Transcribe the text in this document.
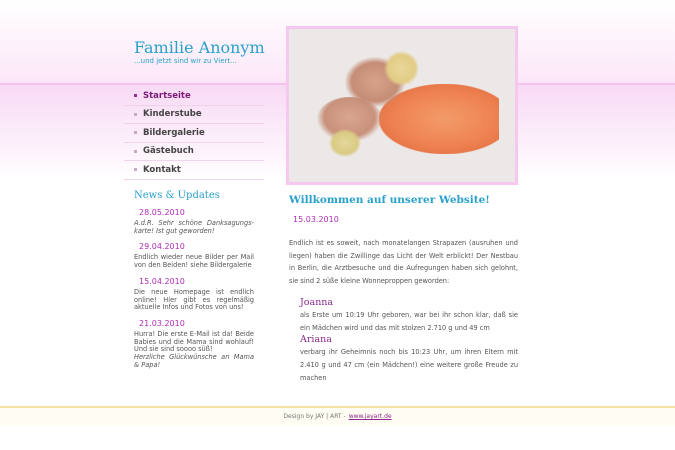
Familie Anonym
...und jetzt sind wir zu Viert...
Startseite
Kinderstube
Bildergalerie
Gästebuch
Kontakt
News & Updates
28.05.2010

A.d.R. Sehr schöne Danksagungs-karte! Ist gut geworden!

29.04.2010

Endlich wieder neue Bilder per Mail von den Beiden! siehe Bildergalerie

15.04.2010

Die neue Homepage ist endlich online! Hier gibt es regelmäßig aktuelle Infos und Fotos von uns!

21.03.2010

Hurra! Die erste E-Mail ist da! Beide Babies und die Mama sind wohlauf! Und sie sind soooo süß!

Herzliche Glückwünsche an Mama & Papa!

Willkommen auf unserer Website!
15.03.2010

Endlich ist es soweit, nach monatelangen Strapazen (ausruhen und liegen) haben die Zwillinge das Licht der Welt erblickt! Der Nestbau in Berlin, die Arztbesuche und die Aufregungen haben sich gelohnt, sie sind 2 süße kleine Wonneproppen geworden:

Joanna

als Erste um 10:19 Uhr geboren, war bei ihr schon klar, daß sie ein Mädchen wird und das mit stolzen 2.710 g und 49 cm

Ariana

verbarg ihr Geheimnis noch bis 10:23 Uhr, um ihren Eltern mit 2.410 g und 47 cm (ein Mädchen!) eine weitere große Freude zu machen

Design by JAY | ART - www.jayart.de
